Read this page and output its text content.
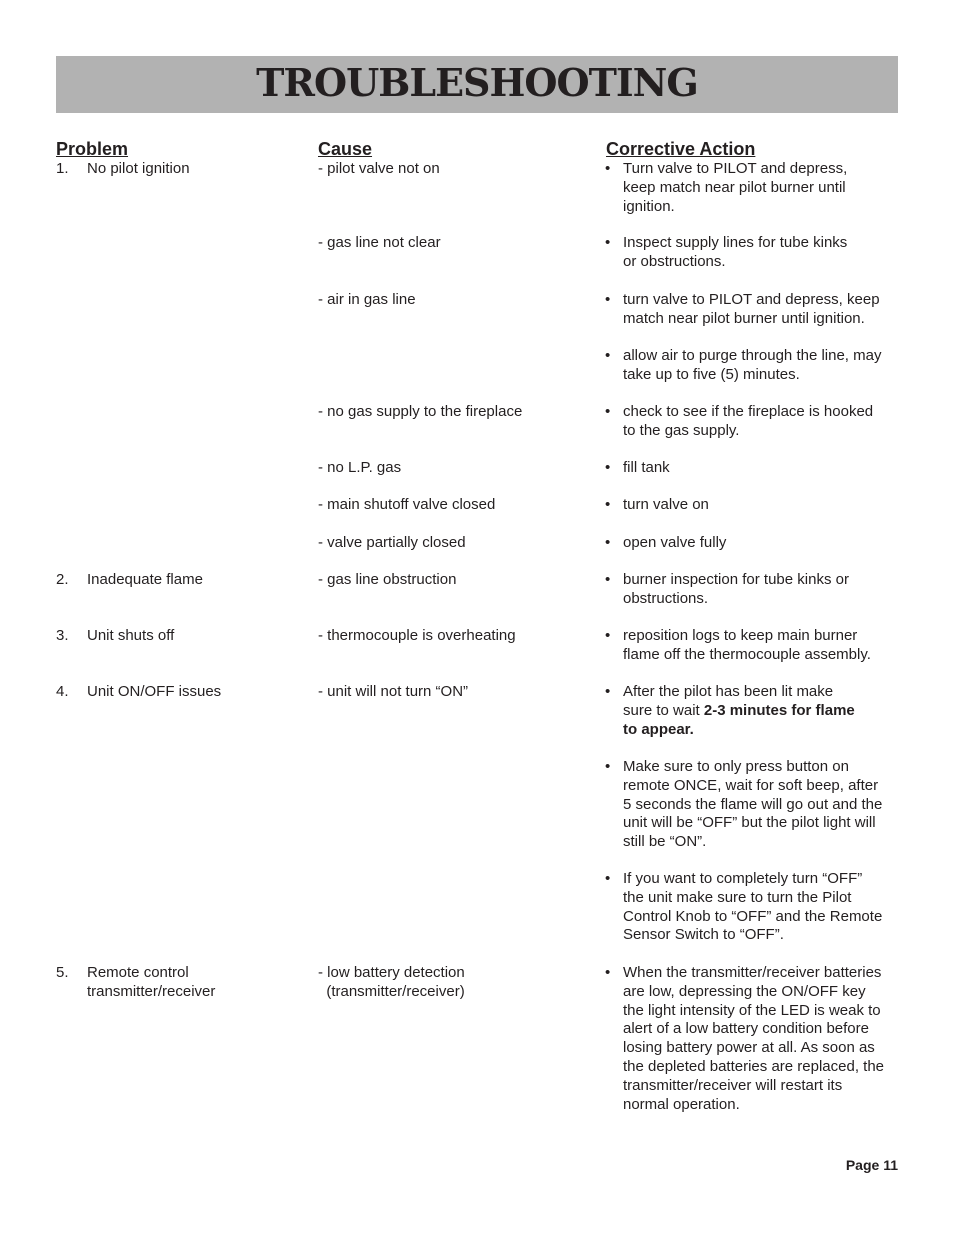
TROUBLESHOOTING
Problem	Cause	Corrective Action
1. No pilot ignition
2. Inadequate flame
3. Unit shuts off
4. Unit ON/OFF issues
5. Remote control
transmitter/receiver
- pilot valve not on
- gas line not clear
- air in gas line
- no gas supply to the fireplace
- no L.P. gas
- main shutoff valve closed
- valve partially closed
- gas line obstruction
- thermocouple is overheating
- unit will not turn “ON”
- low battery detection
(transmitter/receiver)
• Turn valve to PILOT and depress,
keep match near pilot burner until
ignition.
• Inspect supply lines for tube kinks
or obstructions.
• turn valve to PILOT and depress, keep
match near pilot burner until ignition.
• allow air to purge through the line, may
take up to five (5) minutes.
• check to see if the fireplace is hooked
to the gas supply.
• fill tank
• turn valve on
• open valve fully
• burner inspection for tube kinks or
obstructions.
• reposition logs to keep main burner
flame off the thermocouple assembly.
• After the pilot has been lit make
sure to wait 2-3 minutes for flame
to appear.
• Make sure to only press button on
remote ONCE, wait for soft beep, after
5 seconds the flame will go out and the
unit will be “OFF” but the pilot light will
still be “ON”.
• If you want to completely turn “OFF”
the unit make sure to turn the Pilot
Control Knob to “OFF” and the Remote
Sensor Switch to “OFF”.
• When the transmitter/receiver batteries
are low, depressing the ON/OFF key
the light intensity of the LED is weak to
alert of a low battery condition before
losing battery power at all. As soon as
the depleted batteries are replaced, the
transmitter/receiver will restart its
normal operation.
Page 11
